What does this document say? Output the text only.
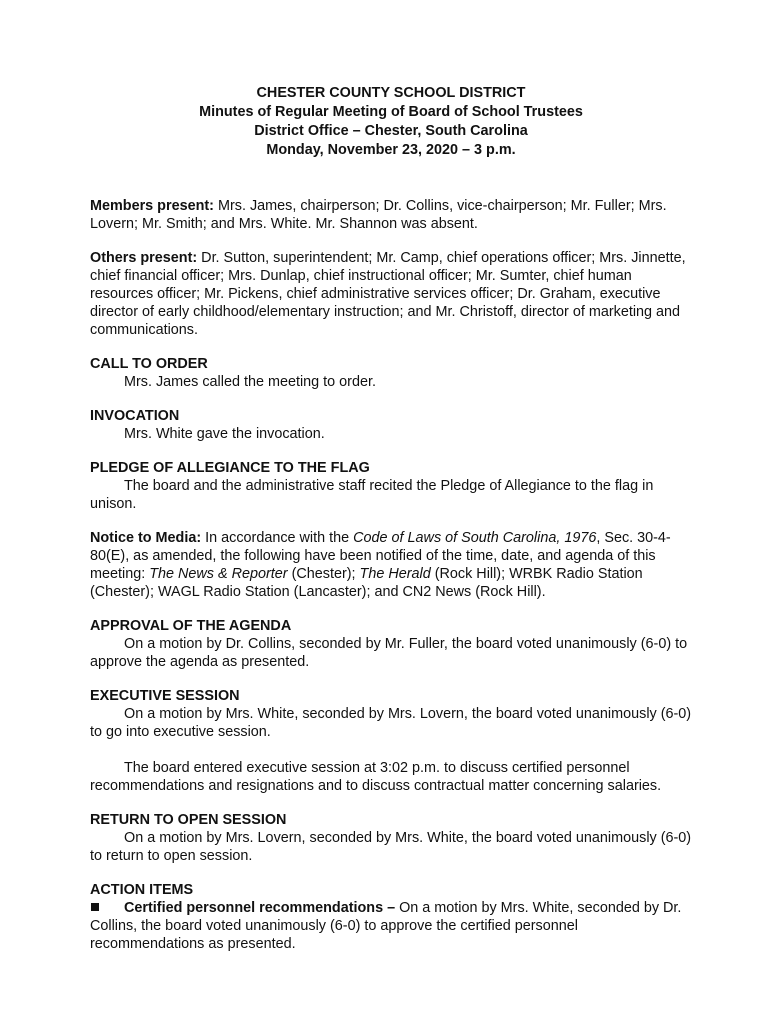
CHESTER COUNTY SCHOOL DISTRICT
Minutes of Regular Meeting of Board of School Trustees
District Office – Chester, South Carolina
Monday, November 23, 2020 – 3 p.m.

Members present: Mrs. James, chairperson; Dr. Collins, vice-chairperson; Mr. Fuller; Mrs. Lovern; Mr. Smith; and Mrs. White. Mr. Shannon was absent.

Others present: Dr. Sutton, superintendent; Mr. Camp, chief operations officer; Mrs. Jinnette, chief financial officer; Mrs. Dunlap, chief instructional officer; Mr. Sumter, chief human resources officer; Mr. Pickens, chief administrative services officer; Dr. Graham, executive director of early childhood/elementary instruction; and Mr. Christoff, director of marketing and communications.

CALL TO ORDER

Mrs. James called the meeting to order.

INVOCATION

Mrs. White gave the invocation.

PLEDGE OF ALLEGIANCE TO THE FLAG

The board and the administrative staff recited the Pledge of Allegiance to the flag in unison.

Notice to Media: In accordance with the Code of Laws of South Carolina, 1976, Sec. 30-4-80(E), as amended, the following have been notified of the time, date, and agenda of this meeting: The News & Reporter (Chester); The Herald (Rock Hill); WRBK Radio Station (Chester); WAGL Radio Station (Lancaster); and CN2 News (Rock Hill).

APPROVAL OF THE AGENDA

On a motion by Dr. Collins, seconded by Mr. Fuller, the board voted unanimously (6-0) to approve the agenda as presented.

EXECUTIVE SESSION

On a motion by Mrs. White, seconded by Mrs. Lovern, the board voted unanimously (6-0) to go into executive session.

The board entered executive session at 3:02 p.m. to discuss certified personnel recommendations and resignations and to discuss contractual matter concerning salaries.

RETURN TO OPEN SESSION

On a motion by Mrs. Lovern, seconded by Mrs. White, the board voted unanimously (6-0) to return to open session.

ACTION ITEMS

Certified personnel recommendations – On a motion by Mrs. White, seconded by Dr. Collins, the board voted unanimously (6-0) to approve the certified personnel recommendations as presented.
